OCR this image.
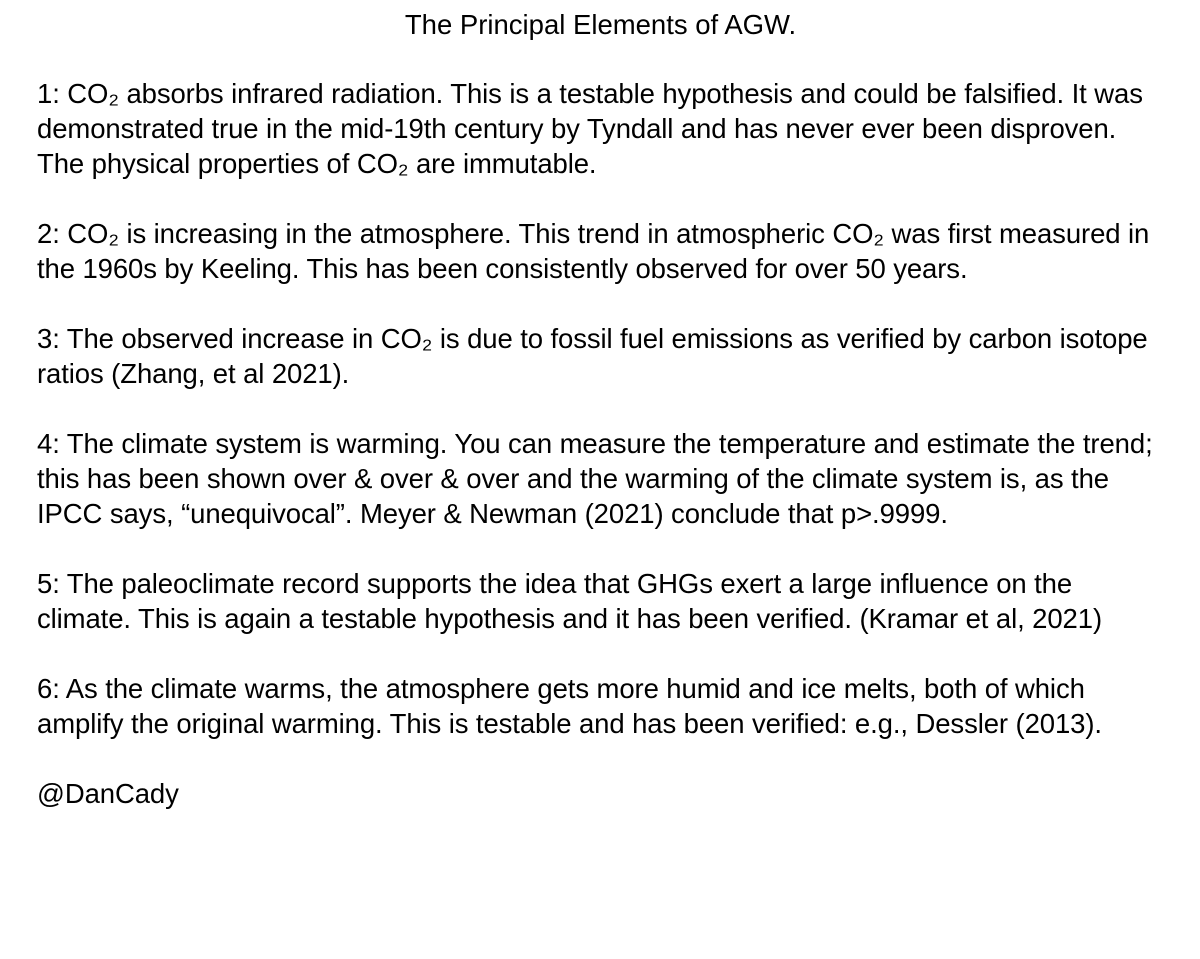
The Principal Elements of AGW.

1: CO₂ absorbs infrared radiation. This is a testable hypothesis and could be falsified. It was demonstrated true in the mid-19th century by Tyndall and has never ever been disproven. The physical properties of CO₂ are immutable.

2: CO₂ is increasing in the atmosphere. This trend in atmospheric CO₂ was first measured in the 1960s by Keeling. This has been consistently observed for over 50 years.

3: The observed increase in CO₂ is due to fossil fuel emissions as verified by carbon isotope ratios (Zhang, et al 2021).

4: The climate system is warming. You can measure the temperature and estimate the trend; this has been shown over & over & over and the warming of the climate system is, as the IPCC says, “unequivocal”. Meyer & Newman (2021) conclude that p>.9999.

5: The paleoclimate record supports the idea that GHGs exert a large influence on the climate. This is again a testable hypothesis and it has been verified. (Kramar et al, 2021)

6: As the climate warms, the atmosphere gets more humid and ice melts, both of which amplify the original warming. This is testable and has been verified: e.g., Dessler (2013).

@DanCady
